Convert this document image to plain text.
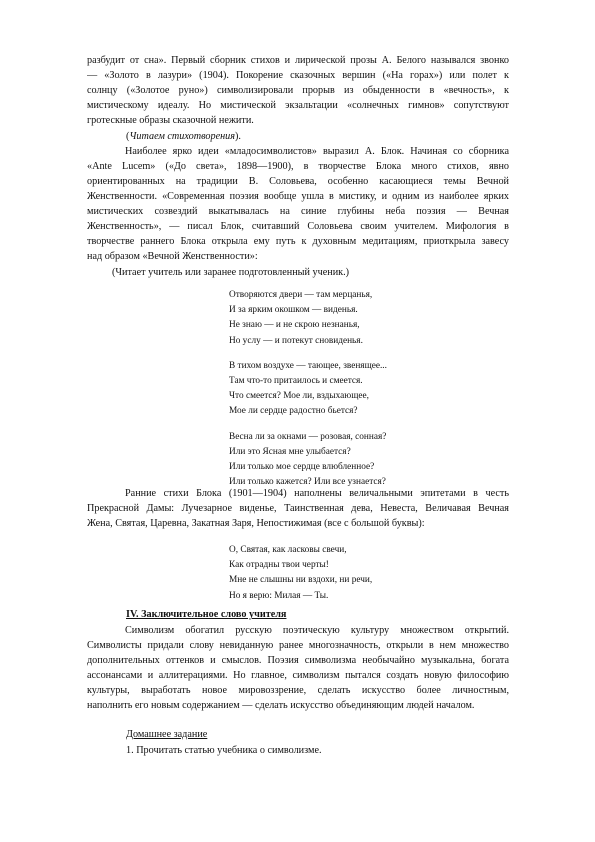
разбудит от сна». Первый сборник стихов и лирической прозы А. Белого назывался звонко
— «Золото в лазури» (1904). Покорение сказочных вершин («На горах») или полет к
солнцу («Золотое руно») символизировали прорыв из обыденности в «вечность», к
мистическому идеалу. Но мистической экзальтации «солнечных гимнов» сопутствуют
гротескные образы сказочной нежити.
(Читаем стихотворения).
Наиболее ярко идеи «младосимволистов» выразил А. Блок. Начиная со сборника
«Ante Lucem» («До света», 1898—1900), в творчестве Блока много стихов, явно
ориентированных на традиции В. Соловьева, особенно касающиеся темы Вечной
Женственности. «Современная поэзия вообще ушла в мистику, и одним из наиболее ярких
мистических созвездий выкатывалась на синие глубины неба поэзия — Вечная
Женственность», — писал Блок, считавший Соловьева своим учителем. Мифология в
творчестве раннего Блока открыла ему путь к духовным медитациям, приоткрыла завесу
над образом «Вечной Женственности»:
(Читает учитель или заранее подготовленный ученик.)
Отворяются двери — там мерцанья,
И за ярким окошком — виденья.
Не знаю — и не скрою незнанья,
Но услу — и потекут сновиденья.
В тихом воздухе — тающее, звенящее...
Там что-то притаилось и смеется.
Что смеется? Мое ли, вздыхающее,
Мое ли сердце радостно бьется?
Весна ли за окнами — розовая, сонная?
Или это Ясная мне улыбается?
Или только мое сердце влюбленное?
Или только кажется? Или все узнается?
Ранние стихи Блока (1901—1904) наполнены величальными эпитетами в честь
Прекрасной Дамы: Лучезарное виденье, Таинственная дева, Невеста, Величавая Вечная
Жена, Святая, Царевна, Закатная Заря, Непостижимая (все с большой буквы):
О, Святая, как ласковы свечи,
Как отрадны твои черты!
Мне не слышны ни вздохи, ни речи,
Но я верю: Милая — Ты.
IV. Заключительное слово учителя
Символизм обогатил русскую поэтическую культуру множеством открытий.
Символисты придали слову невиданную ранее многозначность, открыли в нем множество
дополнительных оттенков и смыслов. Поэзия символизма необычайно музыкальна, богата
ассонансами и аллитерациями. Но главное, символизм пытался создать новую философию
культуры, выработать новое мировоззрение, сделать искусство более личностным,
наполнить его новым содержанием — сделать искусство объединяющим людей началом.
Домашнее задание
1. Прочитать статью учебника о символизме.
